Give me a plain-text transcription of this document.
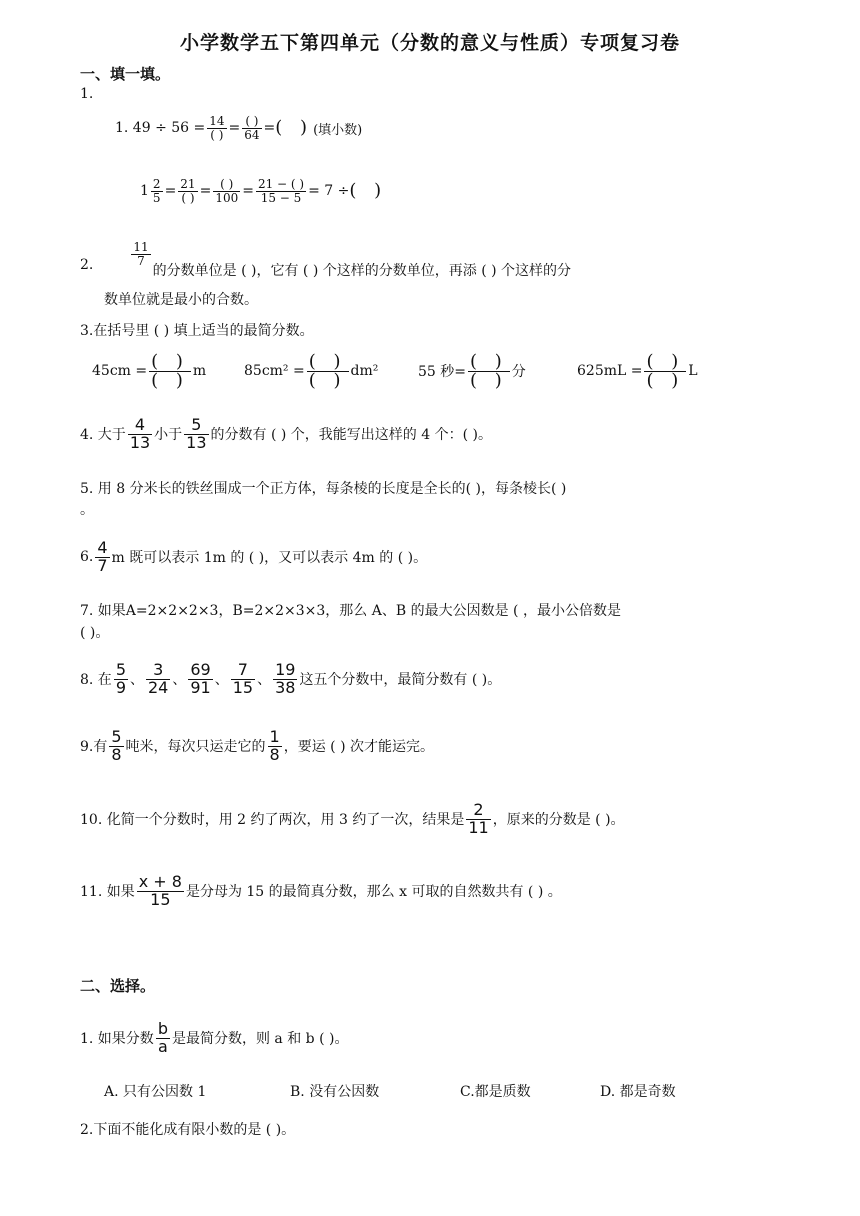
小学数学五下第四单元（分数的意义与性质）专项复习卷
一、填一填。
1.
1. $49 \div 56 = \frac{14}{( )} = \frac{( )}{64}$ = ( ) (填小数)
$1 \frac{2}{5} = \frac{21}{( )} = \frac{( )}{100} = \frac{21 - ( )}{15 - 5} = 7$ ÷ ( )
2.	$\frac{11}{7}$
的分数单位是 ( )，它有 ( ) 个这样的分数单位，再添 ( ) 个这样的分
数单位就是最小的合数。
3.在括号里 ( ) 填上适当的最简分数。
$45cm = \frac{( )}{( )}$ m	$85cm^2 = \frac{( )}{( )} dm^2$	55 秒= $\frac{( )}{( )}$ 分	$625mL = \frac{( )}{( )}$ L
4. 大于 $\frac{4}{13}$ 小于 $\frac{5}{13}$ 的分数有 ( ) 个，我能写出这样的 4 个：( )。
5. 用 8 分米长的铁丝围成一个正方体，每条棱的长度是全长的( )，每条棱长( )
。
6. $\frac{4}{7}$ m 既可以表示 1m 的 ( )，又可以表示 4m 的 ( )。
7. 如果A=2×2×2×3，B=2×2×3×3，那么 A、B 的最大公因数是 ( ，最小公倍数是
( )。
8. 在 $\frac{5}{9}$ 、 $\frac{3}{24}$ 、 $\frac{69}{91}$ 、 $\frac{7}{15}$ 、 $\frac{19}{38}$ 这五个分数中，最简分数有 ( )。
9.有 $\frac{5}{8}$ 吨米，每次只运走它的 $\frac{1}{8}$ ，要运 ( ) 次才能运完。
10. 化简一个分数时，用 2 约了两次，用 3 约了一次，结果是 $\frac{2}{11}$ ，原来的分数是 ( )。
11. 如果 $\frac{x + 8}{15}$ 是分母为 15 的最简真分数，那么 x 可取的自然数共有 ( ) 。
二、选择。
1. 如果分数 $\frac{b}{a}$ 是最简分数，则 a 和 b ( )。
A. 只有公因数 1	B. 没有公因数	C.都是质数	D. 都是奇数
2.下面不能化成有限小数的是 ( )。
